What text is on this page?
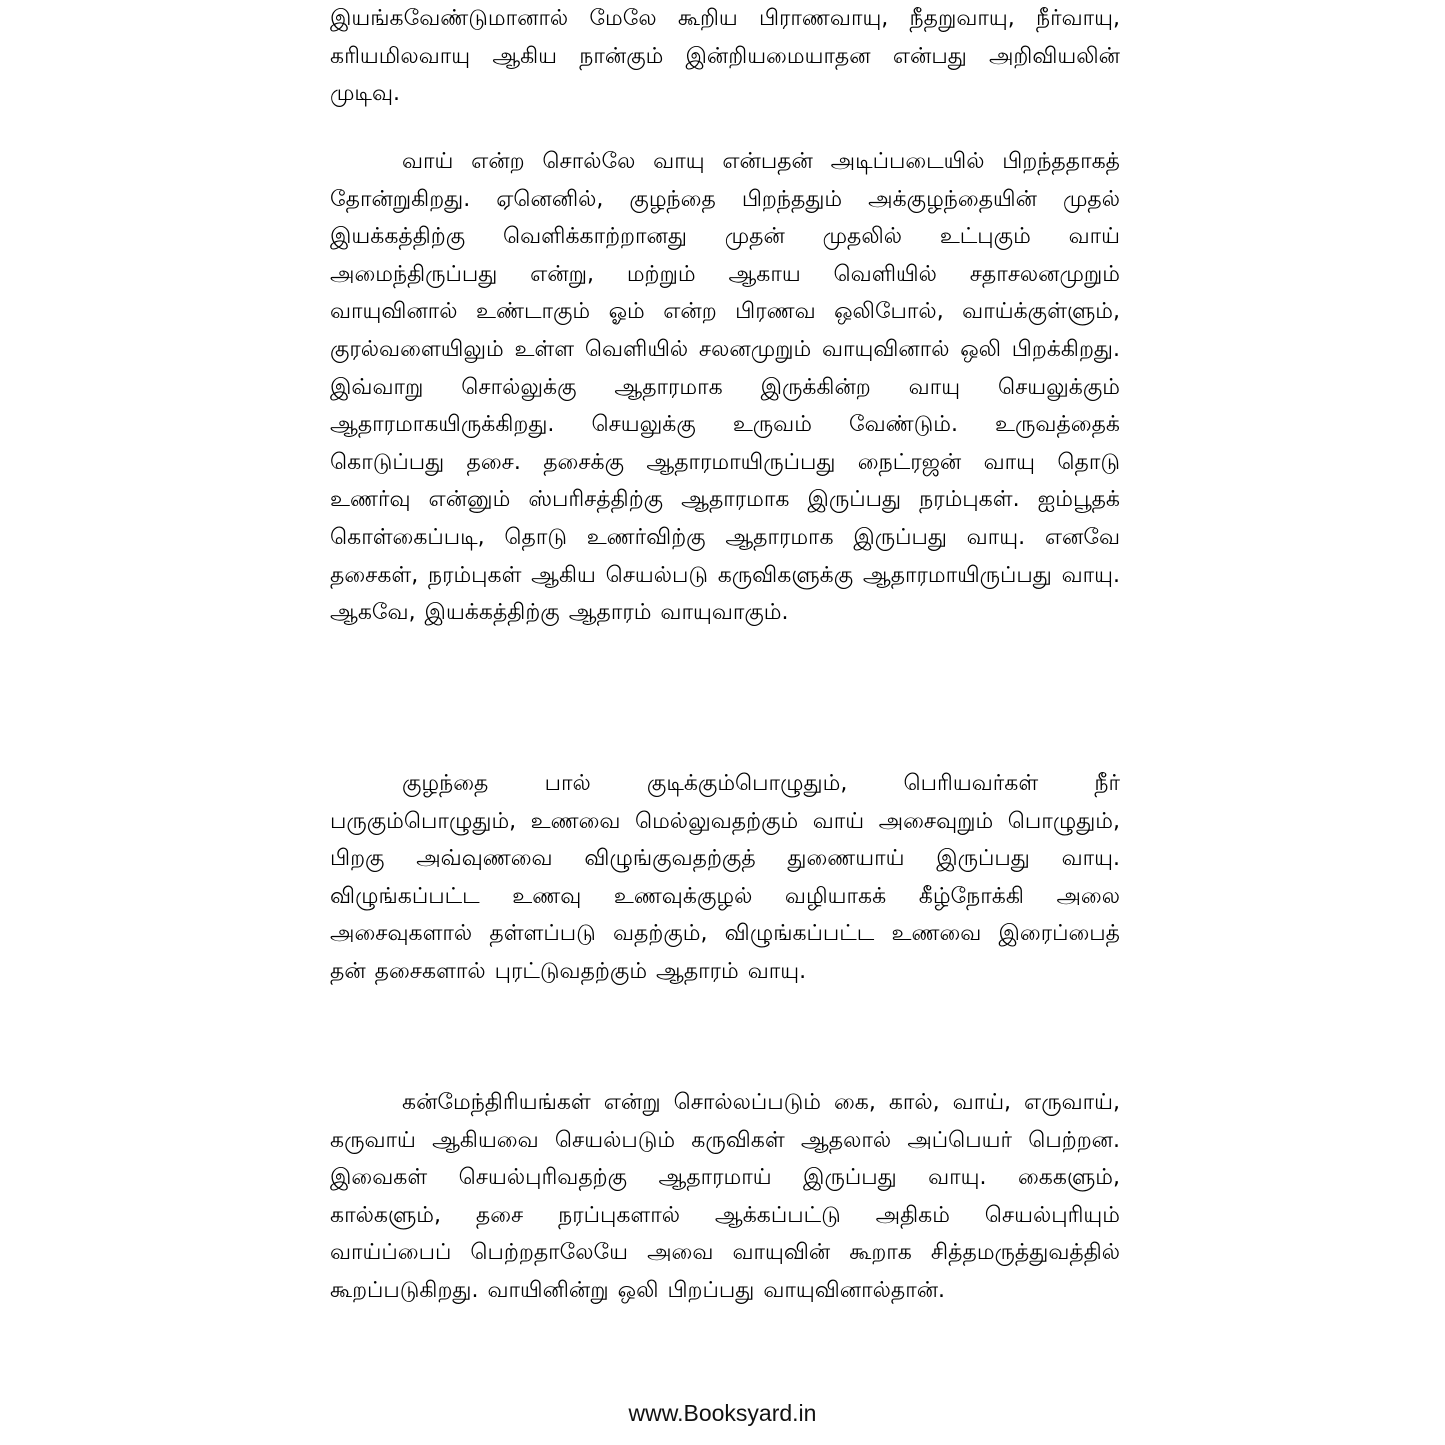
இயங்கவேண்டுமானால் மேலே கூறிய பிராணவாயு, நீதறுவாயு, நீர்வாயு, கரியமிலவாயு ஆகிய நான்கும் இன்றியமையாதன என்பது அறிவியலின் முடிவு.

வாய் என்ற சொல்லே வாயு என்பதன் அடிப்படையில் பிறந்ததாகத் தோன்றுகிறது. ஏனெனில், குழந்தை பிறந்ததும் அக்குழந்தையின் முதல் இயக்கத்திற்கு வெளிக்காற்றானது முதன் முதலில் உட்புகும் வாய் அமைந்திருப்பது என்று, மற்றும் ஆகாய வெளியில் சதாசலனமுறும் வாயுவினால் உண்டாகும் ஓம் என்ற பிரணவ ஒலிபோல், வாய்க்குள்ளும், குரல்வளையிலும் உள்ள வெளியில் சலனமுறும் வாயுவினால் ஒலி பிறக்கிறது. இவ்வாறு சொல்லுக்கு ஆதாரமாக இருக்கின்ற வாயு செயலுக்கும் ஆதாரமாகயிருக்கிறது. செயலுக்கு உருவம் வேண்டும். உருவத்தைக் கொடுப்பது தசை. தசைக்கு ஆதாரமாயிருப்பது நைட்ரஜன் வாயு தொடு உணர்வு என்னும் ஸ்பரிசத்திற்கு ஆதாரமாக இருப்பது நரம்புகள். ஐம்பூதக் கொள்கைப்படி, தொடு உணர்விற்கு ஆதாரமாக இருப்பது வாயு. எனவே தசைகள், நரம்புகள் ஆகிய செயல்படு கருவிகளுக்கு ஆதாரமாயிருப்பது வாயு. ஆகவே, இயக்கத்திற்கு ஆதாரம் வாயுவாகும்.

குழந்தை பால் குடிக்கும்பொழுதும், பெரியவர்கள் நீர் பருகும்பொழுதும், உணவை மெல்லுவதற்கும் வாய் அசைவுறும் பொழுதும், பிறகு அவ்வுணவை விழுங்குவதற்குத் துணையாய் இருப்பது வாயு. விழுங்கப்பட்ட உணவு உணவுக்குழல் வழியாகக் கீழ்நோக்கி அலை அசைவுகளால் தள்ளப்படு வதற்கும், விழுங்கப்பட்ட உணவை இரைப்பைத் தன் தசைகளால் புரட்டுவதற்கும் ஆதாரம் வாயு.

கன்மேந்திரியங்கள் என்று சொல்லப்படும் கை, கால், வாய், எருவாய், கருவாய் ஆகியவை செயல்படும் கருவிகள் ஆதலால் அப்பெயர் பெற்றன. இவைகள் செயல்புரிவதற்கு ஆதாரமாய் இருப்பது வாயு. கைகளும், கால்களும், தசை நரப்புகளால் ஆக்கப்பட்டு அதிகம் செயல்புரியும் வாய்ப்பைப் பெற்றதாலேயே அவை வாயுவின் கூறாக சித்தமருத்துவத்தில் கூறப்படுகிறது. வாயினின்று ஒலி பிறப்பது வாயுவினால்தான்.

www.Booksyard.in
